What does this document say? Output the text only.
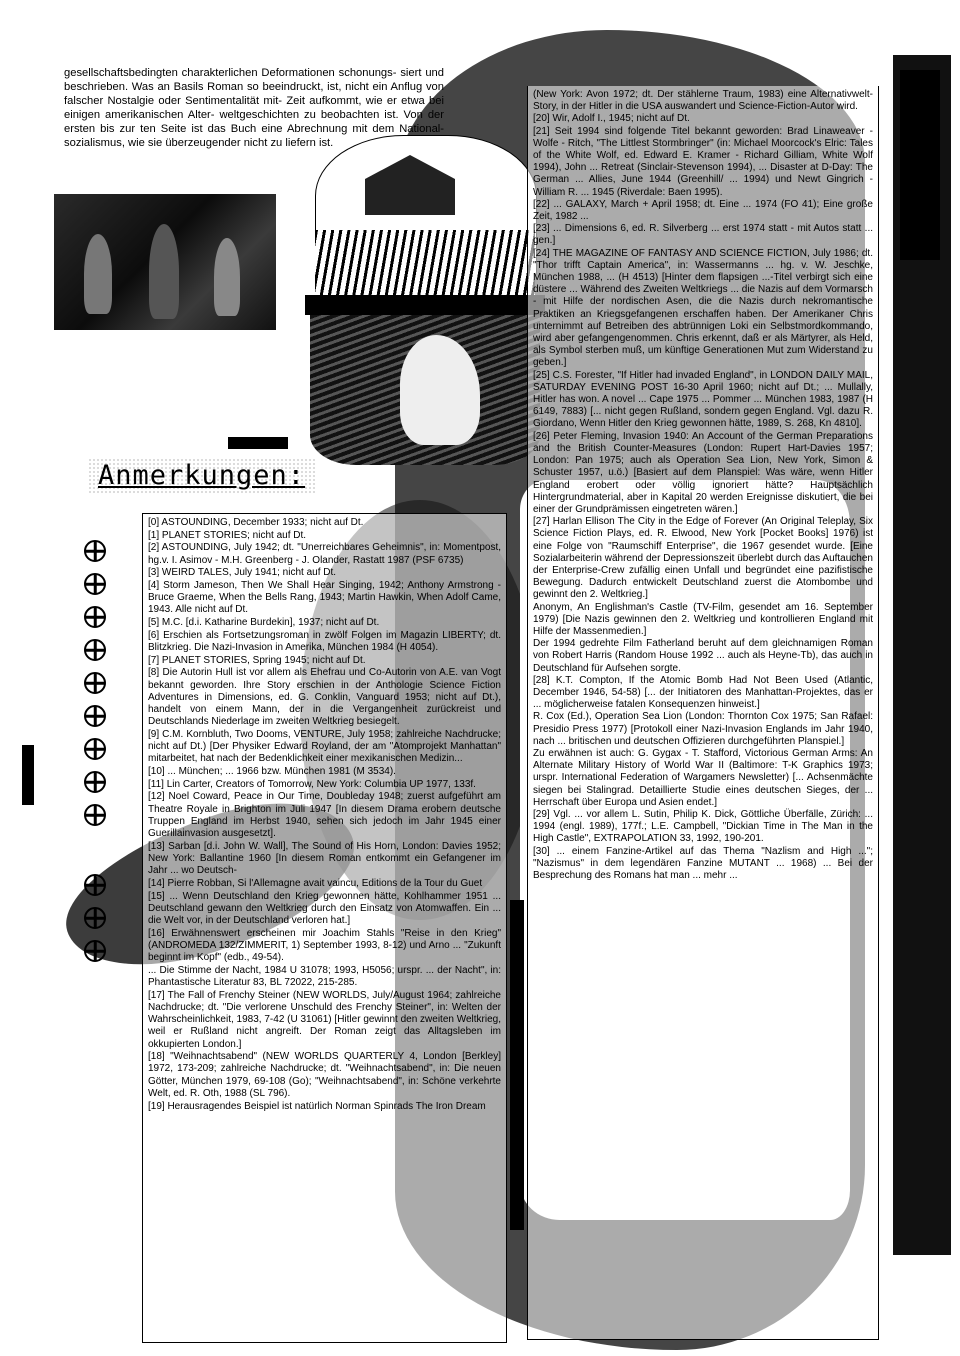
gesellschaftsbedingten charakterlichen Deformationen schonungs- siert und beschrieben. Was an Basils Roman so beeindruckt, ist, nicht ein Anflug von falscher Nostalgie oder Sentimentalität mit- Zeit aufkommt, wie er etwa bei einigen amerikanischen Alter- weltgeschichten zu beobachten ist. Von der ersten bis zur ten Seite ist das Buch eine Abrechnung mit dem National- sozialismus, wie sie überzeugender nicht zu liefern ist.

Anmerkungen:

[0] ASTOUNDING, December 1933; nicht auf Dt.

[1] PLANET STORIES; nicht auf Dt.

[2] ASTOUNDING, July 1942; dt. "Unerreichbares Geheimnis", in: Momentpost, hg.v. I. Asimov - M.H. Greenberg - J. Olander, Rastatt 1987 (PSF 6735)

[3] WEIRD TALES, July 1941; nicht auf Dt.

[4] Storm Jameson, Then We Shall Hear Singing, 1942; Anthony Armstrong - Bruce Graeme, When the Bells Rang, 1943; Martin Hawkin, When Adolf Came, 1943. Alle nicht auf Dt.

[5] M.C. [d.i. Katharine Burdekin], 1937; nicht auf Dt.

[6] Erschien als Fortsetzungsroman in zwölf Folgen im Magazin LIBERTY; dt. Blitzkrieg. Die Nazi-Invasion in Amerika, München 1984 (H 4054).

[7] PLANET STORIES, Spring 1945; nicht auf Dt.

[8] Die Autorin Hull ist vor allem als Ehefrau und Co-Autorin von A.E. van Vogt bekannt geworden. Ihre Story erschien in der Anthologie Science Fiction Adventures in Dimensions, ed. G. Conklin, Vanguard 1953; nicht auf Dt.), handelt von einem Mann, der in die Vergangenheit zurückreist und Deutschlands Niederlage im zweiten Weltkrieg besiegelt.

[9] C.M. Kornbluth, Two Dooms, VENTURE, July 1958; zahlreiche Nachdrucke; nicht auf Dt.) [Der Physiker Edward Royland, der am "Atomprojekt Manhattan" mitarbeitet, hat nach der Bedenklichkeit einer mexikanischen Medizin...

[10] ... München; ... 1966 bzw. München 1981 (M 3534).

[11] Lin Carter, Creators of Tomorrow, New York: Columbia UP 1977, 133f.

[12] Noel Coward, Peace in Our Time, Doubleday 1948; zuerst aufgeführt am Theatre Royale in Brighton im Juli 1947 [In diesem Drama erobern deutsche Truppen England im Herbst 1940, sehen sich jedoch im Jahr 1945 einer Guerillainvasion ausgesetzt].

[13] Sarban [d.i. John W. Wall], The Sound of His Horn, London: Davies 1952; New York: Ballantine 1960 [In diesem Roman entkommt ein Gefangener im Jahr ... wo Deutsch-

[14] Pierre Robban, Si l'Allemagne avait vaincu, Editions de la Tour du Guet

[15] ... Wenn Deutschland den Krieg gewonnen hätte, Kohlhammer 1951 ... Deutschland gewann den Weltkrieg durch den Einsatz von Atomwaffen. Ein ... die Welt vor, in der Deutschland verloren hat.]

[16] Erwähnenswert erscheinen mir Joachim Stahls "Reise in den Krieg" (ANDROMEDA 132/ZIMMERIT, 1) September 1993, 8-12) und Arno ... "Zukunft beginnt im Kopf" (edb., 49-54).

... Die Stimme der Nacht, 1984 U 31078; 1993, H5056; urspr. ... der Nacht", in: Phantastische Literatur 83, BL 72022, 215-285.

[17] The Fall of Frenchy Steiner (NEW WORLDS, July/August 1964; zahlreiche Nachdrucke; dt. "Die verlorene Unschuld des Frenchy Steiner", in: Welten der Wahrscheinlichkeit, 1983, 7-42 (U 31061) [Hitler gewinnt den zweiten Weltkrieg, weil er Rußland nicht angreift. Der Roman zeigt das Alltagsleben im okkupierten London.]

[18] "Weihnachtsabend" (NEW WORLDS QUARTERLY 4, London [Berkley] 1972, 173-209; zahlreiche Nachdrucke; dt. "Weihnachtsabend", in: Die neuen Götter, München 1979, 69-108 (Go); "Weihnachtsabend", in: Schöne verkehrte Welt, ed. R. Oth, 1988 (SL 796).

[19] Herausragendes Beispiel ist natürlich Norman Spinrads The Iron Dream

(New York: Avon 1972; dt. Der stählerne Traum, 1983) eine Alternativwelt-Story, in der Hitler in die USA auswandert und Science-Fiction-Autor wird.

[20] Wir, Adolf I., 1945; nicht auf Dt.

[21] Seit 1994 sind folgende Titel bekannt geworden: Brad Linaweaver - Wolfe - Ritch, "The Littlest Stormbringer" (in: Michael Moorcock's Elric: Tales of the White Wolf, ed. Edward E. Kramer - Richard Gilliam, White Wolf 1994), John ... Retreat (Sinclair-Stevenson 1994), ... Disaster at D-Day: The German ... Allies, June 1944 (Greenhill/ ... 1994) und Newt Gingrich - William R. ... 1945 (Riverdale: Baen 1995).

[22] ... GALAXY, March + April 1958; dt. Eine ... 1974 (FO 41); Eine große Zeit, 1982 ...

[23] ... Dimensions 6, ed. R. Silverberg ... erst 1974 statt - mit Autos statt ... gen.]

[24] THE MAGAZINE OF FANTASY AND SCIENCE FICTION, July 1986; dt. "Thor trifft Captain America", in: Wassermanns ... hg. v. W. Jeschke, München 1988, ... (H 4513) [Hinter dem flapsigen ...-Titel verbirgt sich eine düstere ... Während des Zweiten Weltkriegs ... die Nazis auf dem Vormarsch - mit Hilfe der nordischen Asen, die die Nazis durch nekromantische Praktiken an Kriegsgefangenen erschaffen haben. Der Amerikaner Chris unternimmt auf Betreiben des abtrünnigen Loki ein Selbstmordkommando, wird aber gefangengenommen. Chris erkennt, daß er als Märtyrer, als Held, als Symbol sterben muß, um künftige Generationen Mut zum Widerstand zu geben.]

[25] C.S. Forester, "If Hitler had invaded England", in LONDON DAILY MAIL, SATURDAY EVENING POST 16-30 April 1960; nicht auf Dt.; ... Mullally, Hitler has won. A novel ... Cape 1975 ... Pommer ... München 1983, 1987 (H 6149, 7883) [... nicht gegen Rußland, sondern gegen England. Vgl. dazu R. Giordano, Wenn Hitler den Krieg gewonnen hätte, 1989, S. 268, Kn 4810].

[26] Peter Fleming, Invasion 1940: An Account of the German Preparations and the British Counter-Measures (London: Rupert Hart-Davies 1957; London: Pan 1975; auch als Operation Sea Lion, New York, Simon & Schuster 1957, u.ö.) [Basiert auf dem Planspiel: Was wäre, wenn Hitler England erobert oder völlig ignoriert hätte? Hauptsächlich Hintergrundmaterial, aber in Kapital 20 werden Ereignisse diskutiert, die bei einer der Grundprämissen eingetreten wären.]

[27] Harlan Ellison The City in the Edge of Forever (An Original Teleplay, Six Science Fiction Plays, ed. R. Elwood, New York [Pocket Books] 1976) ist eine Folge von "Raumschiff Enterprise", die 1967 gesendet wurde. [Eine Sozialarbeiterin während der Depressionszeit überlebt durch das Auftauchen der Enterprise-Crew zufällig einen Unfall und begründet eine pazifistische Bewegung. Dadurch entwickelt Deutschland zuerst die Atombombe und gewinnt den 2. Weltkrieg.]

Anonym, An Englishman's Castle (TV-Film, gesendet am 16. September 1979) [Die Nazis gewinnen den 2. Weltkrieg und kontrollieren England mit Hilfe der Massenmedien.]

Der 1994 gedrehte Film Fatherland beruht auf dem gleichnamigen Roman von Robert Harris (Random House 1992 ... auch als Heyne-Tb), das auch in Deutschland für Aufsehen sorgte.

[28] K.T. Compton, If the Atomic Bomb Had Not Been Used (Atlantic, December 1946, 54-58) [... der Initiatoren des Manhattan-Projektes, das er ... möglicherweise fatalen Konsequenzen hinweist.]

R. Cox (Ed.), Operation Sea Lion (London: Thornton Cox 1975; San Rafael: Presidio Press 1977) [Protokoll einer Nazi-Invasion Englands im Jahr 1940, nach ... britischen und deutschen Offizieren durchgeführten Planspiel.]

Zu erwähnen ist auch: G. Gygax - T. Stafford, Victorious German Arms: An Alternate Military History of World War II (Baltimore: T-K Graphics 1973; urspr. International Federation of Wargamers Newsletter) [... Achsenmächte siegen bei Stalingrad. Detaillierte Studie eines deutschen Sieges, der ... Herrschaft über Europa und Asien endet.]

[29] Vgl. ... vor allem L. Sutin, Philip K. Dick, Göttliche Überfälle, Zürich: ... 1994 (engl. 1989), 177f.; L.E. Campbell, "Dickian Time in The Man in the High Castle", EXTRAPOLATION 33, 1992, 190-201.

[30] ... einem Fanzine-Artikel auf das Thema "Nazlism and High ..."; "Nazismus" in dem legendären Fanzine MUTANT ... 1968) ... Bei der Besprechung des Romans hat man ... mehr ...
